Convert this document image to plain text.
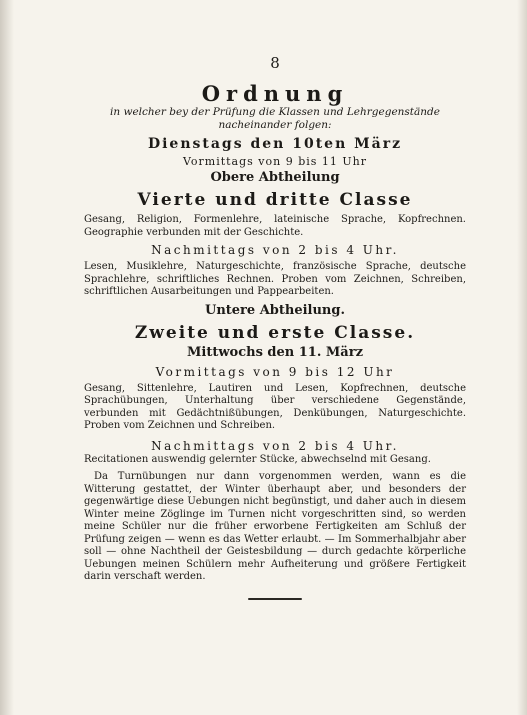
8

Ordnung

in welcher bey der Prüfung die Klassen und Lehrgegenstände

nacheinander folgen:

Dienstags den 10ten März

Vormittags von 9 bis 11 Uhr

Obere Abtheilung

Vierte und dritte Classe

Gesang, Religion, Formenlehre, lateinische Sprache, Kopfrechnen. Geographie verbunden mit der Geschichte.

Nachmittags von 2 bis 4 Uhr.

Lesen, Musiklehre, Naturgeschichte, französische Sprache, deutsche Sprachlehre, schriftliches Rechnen. Proben vom Zeichnen, Schreiben, schriftlichen Ausarbeitungen und Pappearbeiten.

Untere Abtheilung.

Zweite und erste Classe.

Mittwochs den 11. März

Vormittags von 9 bis 12 Uhr

Gesang, Sittenlehre, Lautiren und Lesen, Kopfrechnen, deutsche Sprachübungen, Unterhaltung über verschiedene Gegenstände, verbunden mit Gedächtnißübungen, Denkübungen, Naturgeschichte. Proben vom Zeichnen und Schreiben.

Nachmittags von 2 bis 4 Uhr.

Recitationen auswendig gelernter Stücke, abwechselnd mit Gesang.

Da Turnübungen nur dann vorgenommen werden, wann es die Witterung gestattet, der Winter überhaupt aber, und besonders der gegenwärtige diese Uebungen nicht begünstigt, und daher auch in diesem Winter meine Zöglinge im Turnen nicht vorgeschritten sind, so werden meine Schüler nur die früher erworbene Fertigkeiten am Schluß der Prüfung zeigen — wenn es das Wetter erlaubt. — Im Sommerhalbjahr aber soll — ohne Nachtheil der Geistesbildung — durch gedachte körperliche Uebungen meinen Schülern mehr Aufheiterung und größere Fertigkeit darin verschaft werden.
